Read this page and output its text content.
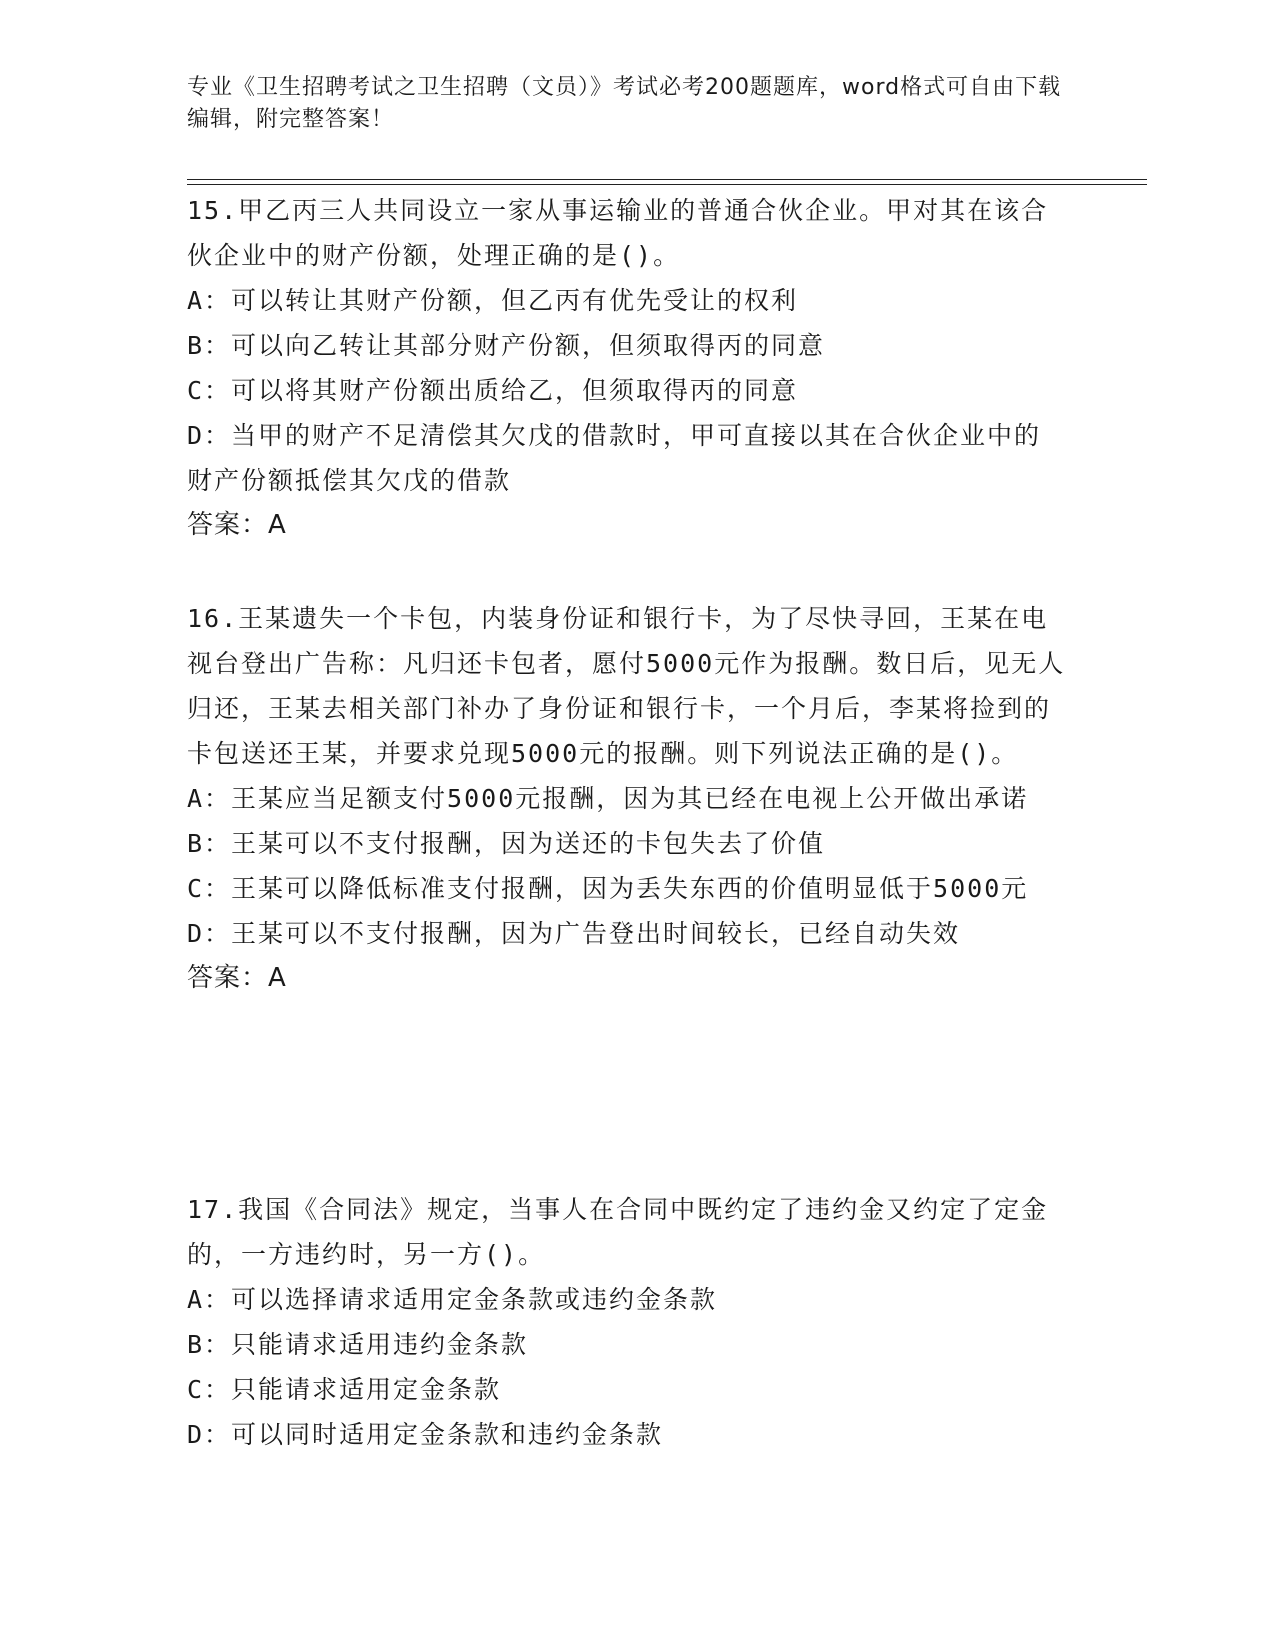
专业《卫生招聘考试之卫生招聘（文员）》考试必考200题题库，word格式可自由下载编辑，附完整答案！

15.甲乙丙三人共同设立一家从事运输业的普通合伙企业。甲对其在该合伙企业中的财产份额，处理正确的是()。

A：可以转让其财产份额，但乙丙有优先受让的权利

B：可以向乙转让其部分财产份额，但须取得丙的同意

C：可以将其财产份额出质给乙，但须取得丙的同意

D：当甲的财产不足清偿其欠戊的借款时，甲可直接以其在合伙企业中的财产份额抵偿其欠戊的借款

答案：A

16.王某遗失一个卡包，内装身份证和银行卡，为了尽快寻回，王某在电视台登出广告称：凡归还卡包者，愿付5000元作为报酬。数日后，见无人归还，王某去相关部门补办了身份证和银行卡，一个月后，李某将捡到的卡包送还王某，并要求兑现5000元的报酬。则下列说法正确的是()。

A：王某应当足额支付5000元报酬，因为其已经在电视上公开做出承诺

B：王某可以不支付报酬，因为送还的卡包失去了价值

C：王某可以降低标准支付报酬，因为丢失东西的价值明显低于5000元

D：王某可以不支付报酬，因为广告登出时间较长，已经自动失效

答案：A

17.我国《合同法》规定，当事人在合同中既约定了违约金又约定了定金的，一方违约时，另一方()。

A：可以选择请求适用定金条款或违约金条款

B：只能请求适用违约金条款

C：只能请求适用定金条款

D：可以同时适用定金条款和违约金条款
